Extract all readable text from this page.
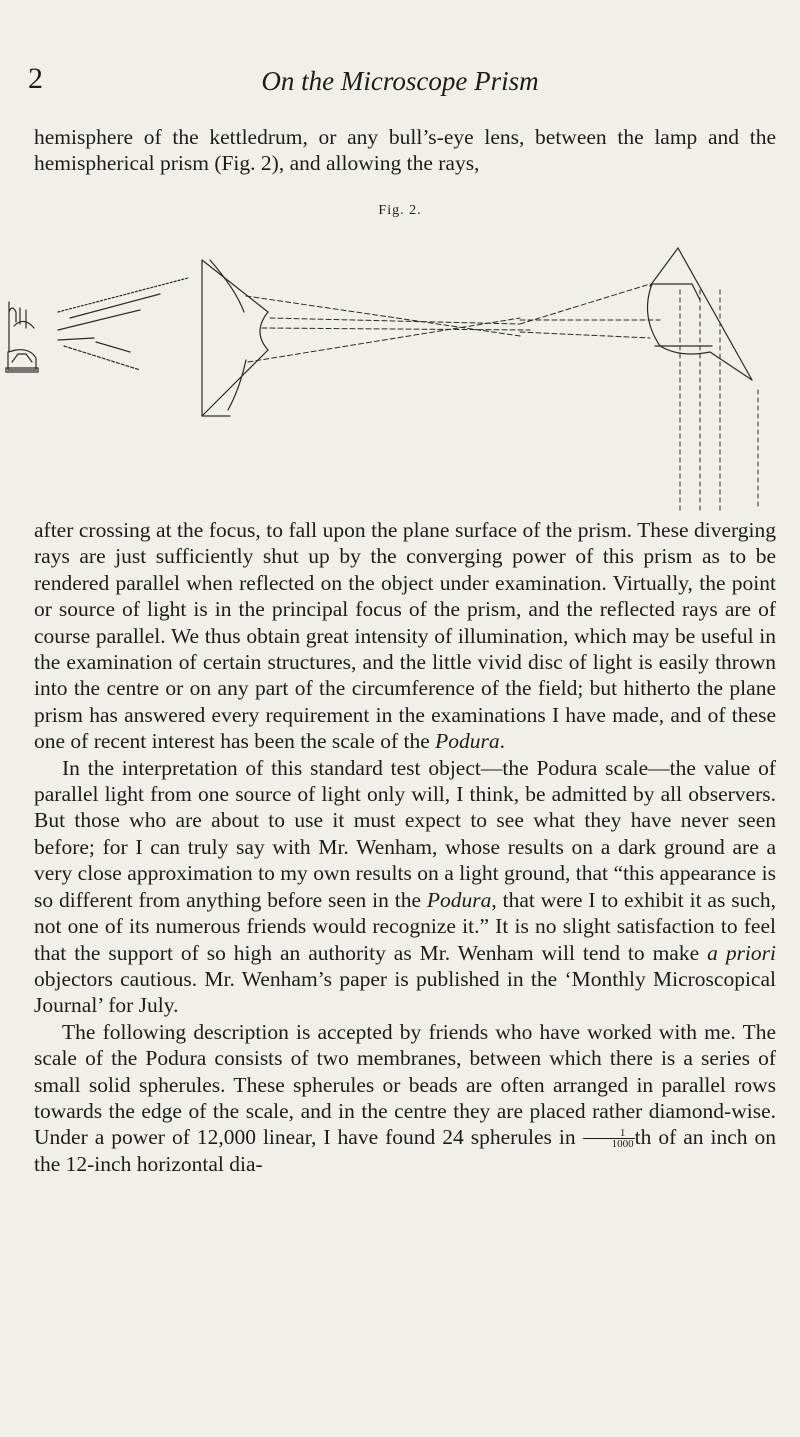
2	On the Microscope Prism

hemisphere of the kettledrum, or any bull’s-eye lens, between the lamp and the hemispherical prism (Fig. 2), and allowing the rays,

Fig. 2.

after crossing at the focus, to fall upon the plane surface of the prism. These diverging rays are just sufficiently shut up by the converging power of this prism as to be rendered parallel when reflected on the object under examination. Virtually, the point or source of light is in the principal focus of the prism, and the reflected rays are of course parallel. We thus obtain great intensity of illumination, which may be useful in the examination of certain structures, and the little vivid disc of light is easily thrown into the centre or on any part of the circumference of the field; but hitherto the plane prism has answered every requirement in the examinations I have made, and of these one of recent interest has been the scale of the Podura.

In the interpretation of this standard test object—the Podura scale—the value of parallel light from one source of light only will, I think, be admitted by all observers. But those who are about to use it must expect to see what they have never seen before; for I can truly say with Mr. Wenham, whose results on a dark ground are a very close approximation to my own results on a light ground, that “this appearance is so different from anything before seen in the Podura, that were I to exhibit it as such, not one of its numerous friends would recognize it.” It is no slight satisfaction to feel that the support of so high an authority as Mr. Wenham will tend to make a priori objectors cautious. Mr. Wenham’s paper is published in the ‘Monthly Microscopical Journal’ for July.

The following description is accepted by friends who have worked with me. The scale of the Podura consists of two membranes, between which there is a series of small solid spherules. These spherules or beads are often arranged in parallel rows towards the edge of the scale, and in the centre they are placed rather diamond-wise. Under a power of 12,000 linear, I have found 24 spherules in $\frac{1}{1000}$ th of an inch on the 12-inch horizontal dia-
